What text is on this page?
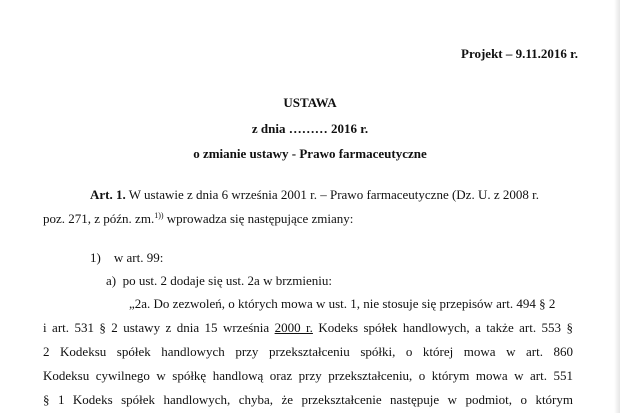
Projekt – 9.11.2016 r.
USTAWA
z dnia ……… 2016 r.
o zmianie ustawy - Prawo farmaceutyczne
Art. 1. W ustawie z dnia 6 września 2001 r. – Prawo farmaceutyczne (Dz. U. z 2008 r.
poz. 271, z późn. zm.$^{1))}$ wprowadza się następujące zmiany:
1) w art. 99:
a) po ust. 2 dodaje się ust. 2a w brzmieniu:
„2a. Do zezwoleń, o których mowa w ust. 1, nie stosuje się przepisów art. 494 § 2
i art. 531 § 2 ustawy z dnia 15 września 2000 r. Kodeks spółek handlowych, a także art. 553 §
2 Kodeksu spółek handlowych przy przekształceniu spółki, o której mowa w art. 860
Kodeksu cywilnego w spółkę handlową oraz przy przekształceniu, o którym mowa w art. 551
§ 1 Kodeks spółek handlowych, chyba, że przekształcenie następuje w podmiot, o którym
